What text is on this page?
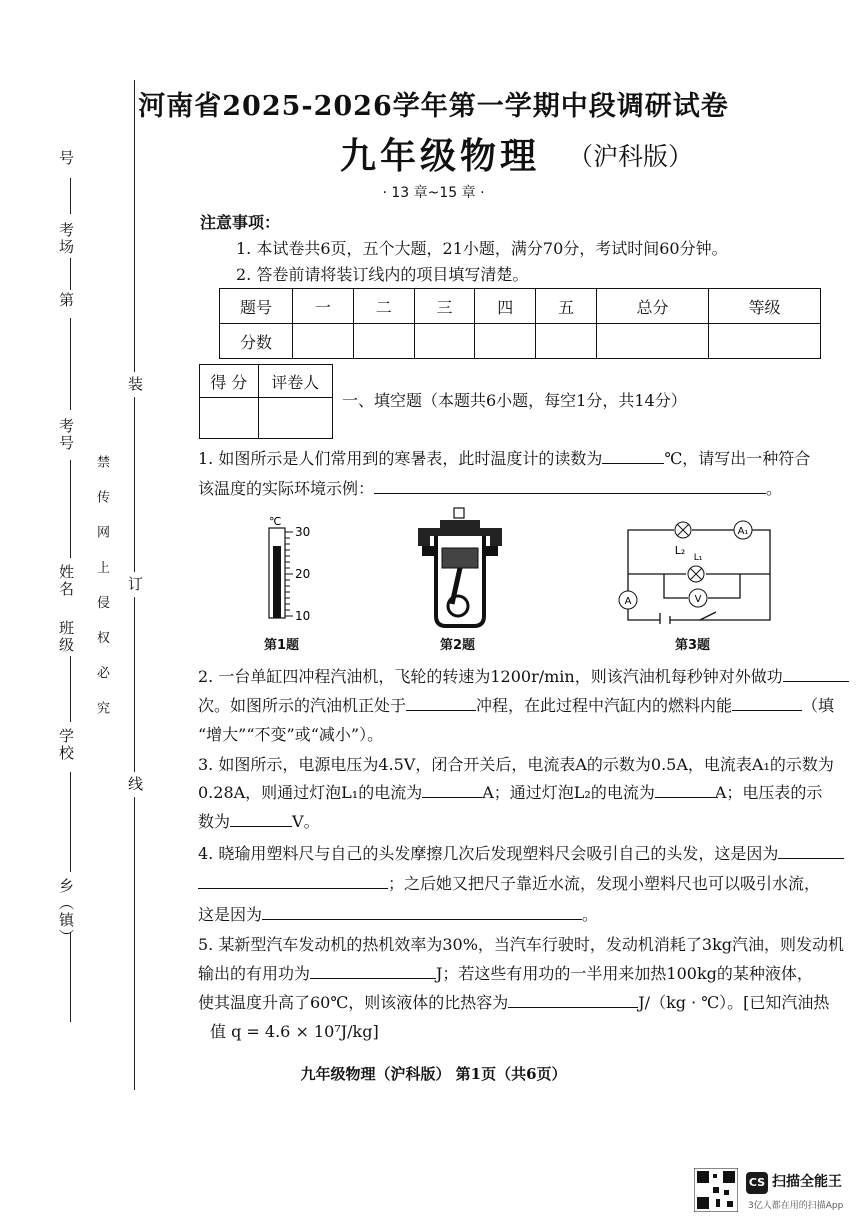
号
考场
第
考号
姓名
班级
学校
乡（镇）
禁 传 网 上 侵 权 必 究
装
订
线
河南省2025-2026学年第一学期中段调研试卷
九年级物理 （沪科版）
· 13 章~15 章 ·
注意事项：
1. 本试卷共6页，五个大题，21小题，满分70分，考试时间60分钟。
2. 答卷前请将装订线内的项目填写清楚。
题号	一	二	三	四	五	总分	等级
分数							
得 分	评卷人

一、填空题（本题共6小题，每空1分，共14分）
1. 如图所示是人们常用到的寒暑表，此时温度计的读数为	℃，请写出一种符合
该温度的实际环境示例：	。
℃
30
20
10
第1题	第2题
A₁
A	V
L₂
L₁
第3题
2. 一台单缸四冲程汽油机，飞轮的转速为1200r/min，则该汽油机每秒钟对外做功
次。如图所示的汽油机正处于	冲程，在此过程中汽缸内的燃料内能	（填
“增大”“不变”或“减小”）。
3. 如图所示，电源电压为4.5V，闭合开关后，电流表A的示数为0.5A，电流表A₁的示数为
0.28A，则通过灯泡L₁的电流为	A；通过灯泡L₂的电流为	A；电压表的示
数为	V。
4. 晓瑜用塑料尺与自己的头发摩擦几次后发现塑料尺会吸引自己的头发，这是因为
；之后她又把尺子靠近水流，发现小塑料尺也可以吸引水流，
这是因为	。
5. 某新型汽车发动机的热机效率为30%，当汽车行驶时，发动机消耗了3kg汽油，则发动机
输出的有用功为	J；若这些有用功的一半用来加热100kg的某种液体，
使其温度升高了60℃，则该液体的比热容为	J/（kg · ℃）。[已知汽油热
值 q = 4.6 × 10⁷J/kg]
九年级物理（沪科版） 第1页（共6页）
CS 扫描全能王
3亿人都在用的扫描App
